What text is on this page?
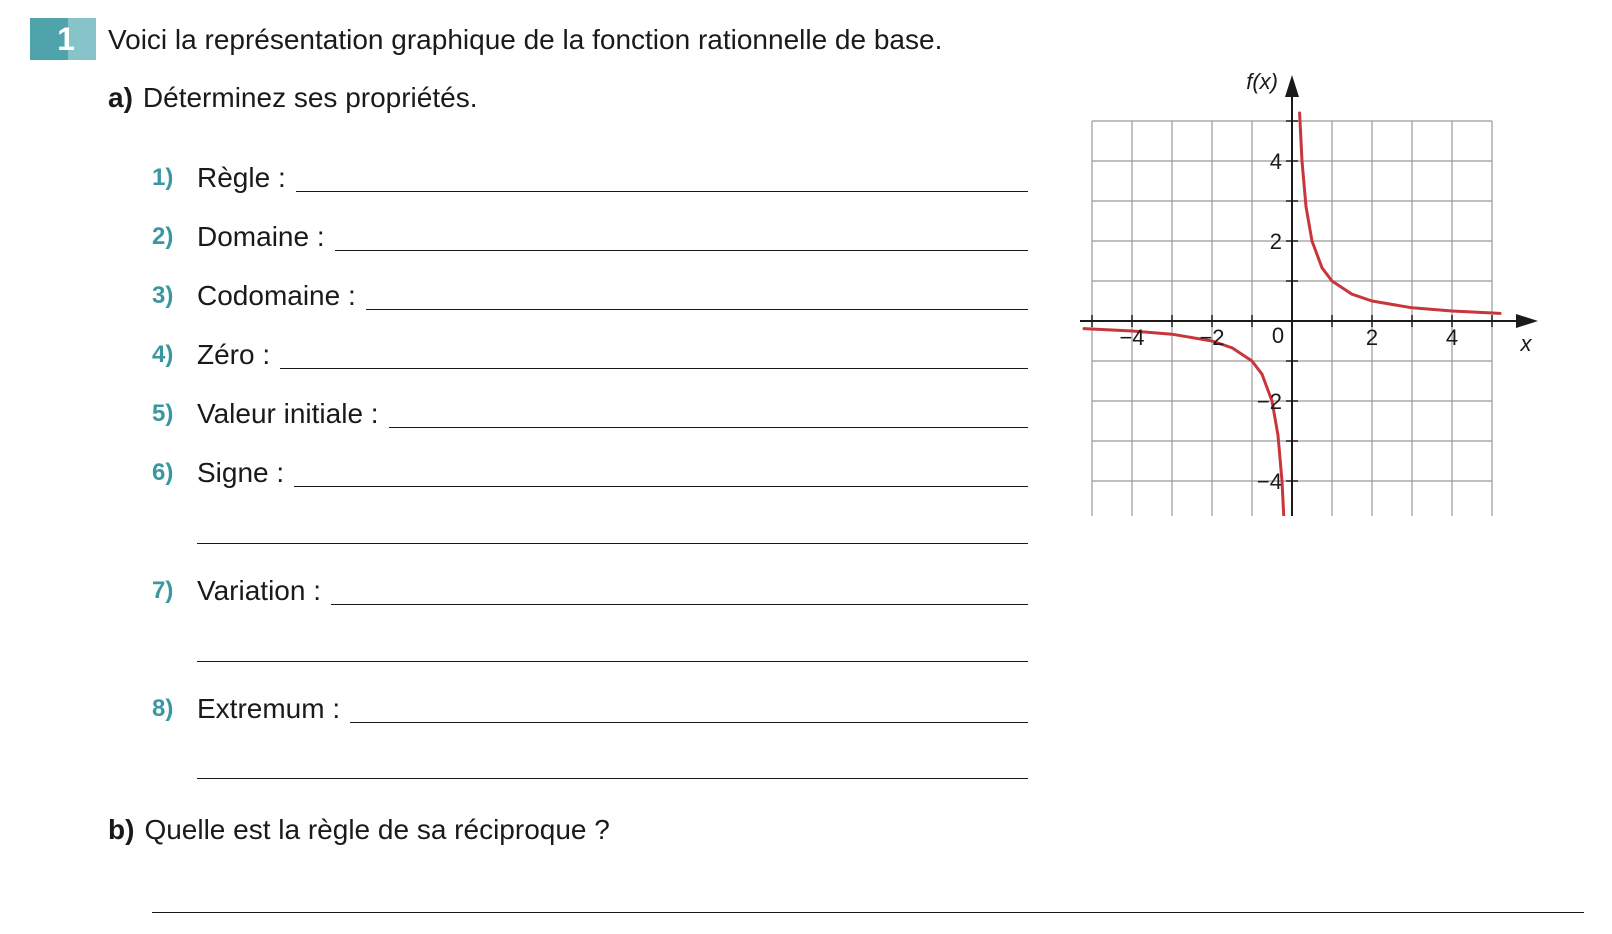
1	Voici la représentation graphique de la fonction rationnelle de base.
a) Déterminez ses propriétés.
1) Règle :
2) Domaine :
3) Codomaine :
4) Zéro :
5) Valeur initiale :
6) Signe :
7) Variation :
8) Extremum :
b) Quelle est la règle de sa réciproque ?
−4 −2	2	4
4
2
−2
−4
0	x
f(x)
